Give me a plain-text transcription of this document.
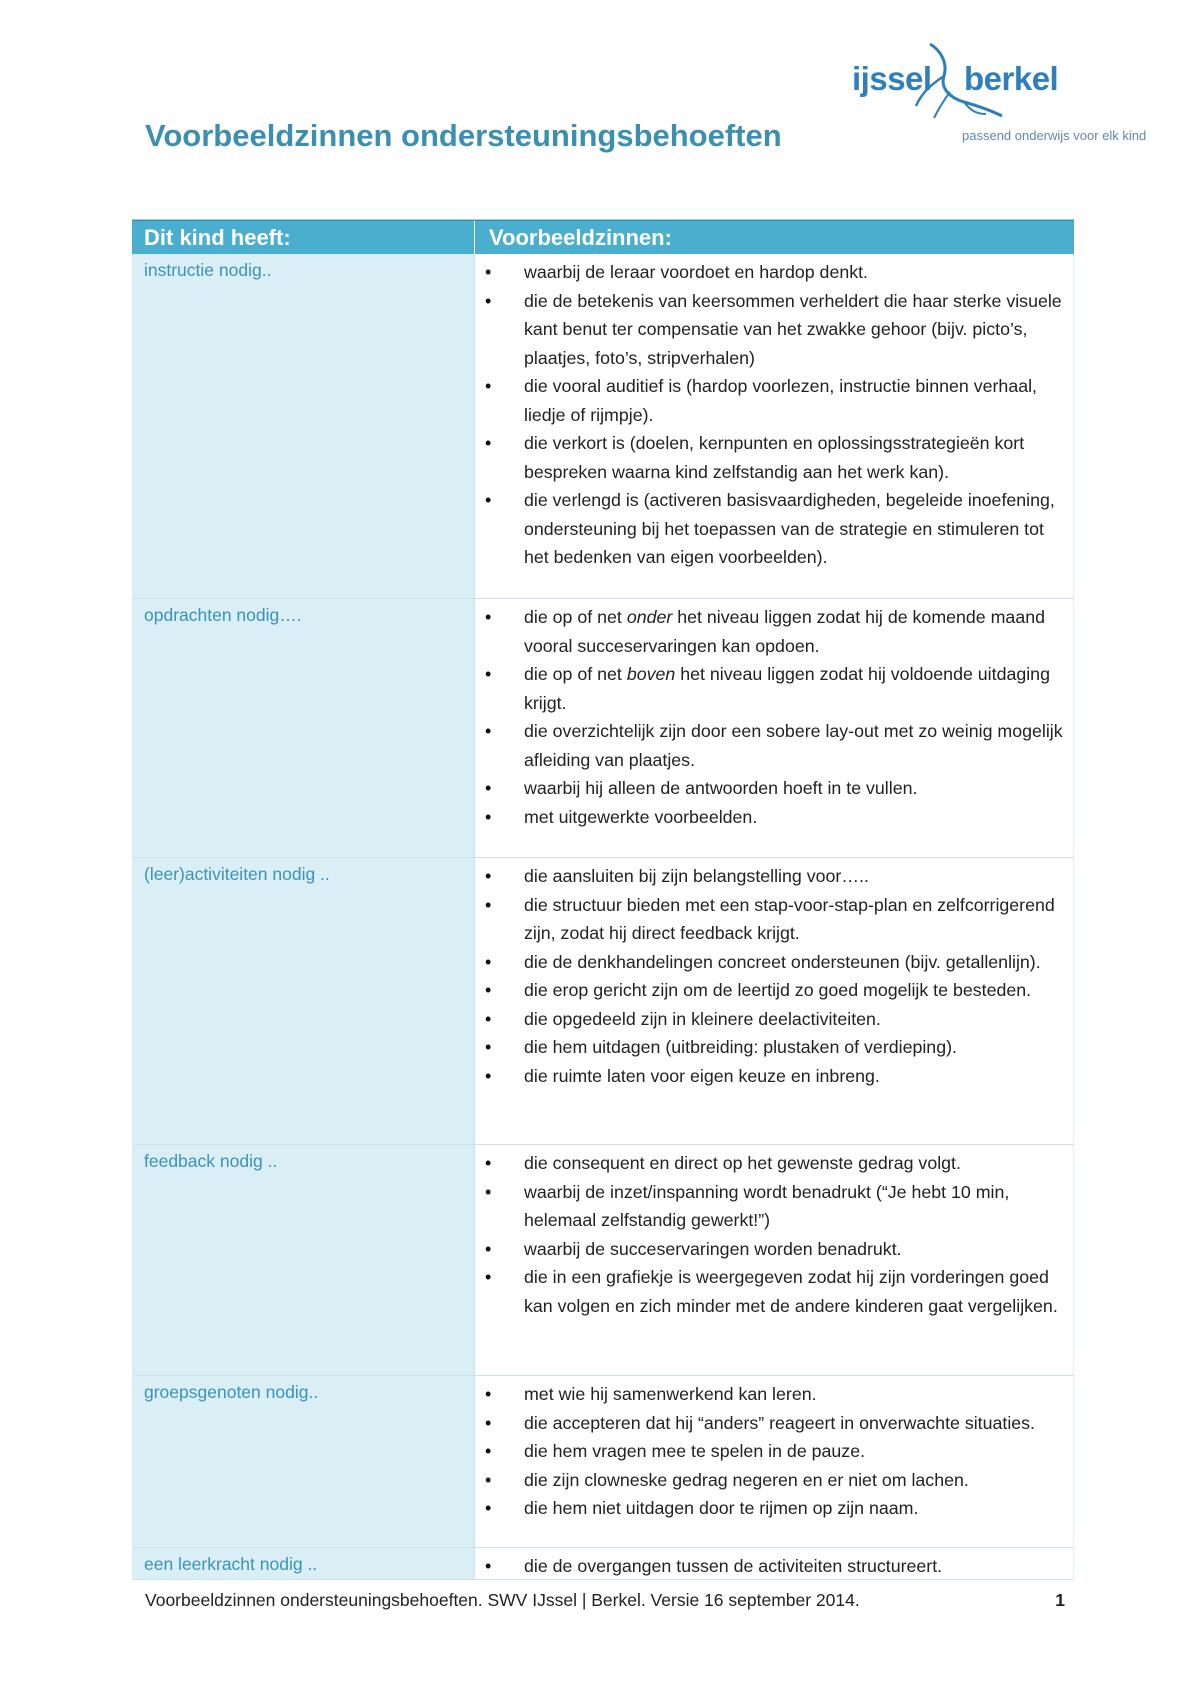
ijssel berkel
passend onderwijs voor elk kind
Voorbeeldzinnen ondersteuningsbehoeften
Dit kind heeft:	Voorbeeldzinnen:
instructie nodig..	• waarbij de leraar voordoet en hardop denkt.
• die de betekenis van keersommen verheldert die haar sterke visuele kant benut ter compensatie van het zwakke gehoor (bijv. picto’s, plaatjes, foto’s, stripverhalen)
• die vooral auditief is (hardop voorlezen, instructie binnen verhaal, liedje of rijmpje).
• die verkort is (doelen, kernpunten en oplossingsstrategieën kort bespreken waarna kind zelfstandig aan het werk kan).
• die verlengd is (activeren basisvaardigheden, begeleide inoefening, ondersteuning bij het toepassen van de strategie en stimuleren tot het bedenken van eigen voorbeelden).
opdrachten nodig….	• die op of net onder het niveau liggen zodat hij de komende maand vooral succeservaringen kan opdoen.
• die op of net boven het niveau liggen zodat hij voldoende uitdaging krijgt.
• die overzichtelijk zijn door een sobere lay-out met zo weinig mogelijk afleiding van plaatjes.
• waarbij hij alleen de antwoorden hoeft in te vullen.
• met uitgewerkte voorbeelden.
(leer)activiteiten nodig ..	• die aansluiten bij zijn belangstelling voor…..
• die structuur bieden met een stap-voor-stap-plan en zelfcorrigerend zijn, zodat hij direct feedback krijgt.
• die de denkhandelingen concreet ondersteunen (bijv. getallenlijn).
• die erop gericht zijn om de leertijd zo goed mogelijk te besteden.
• die opgedeeld zijn in kleinere deelactiviteiten.
• die hem uitdagen (uitbreiding: plustaken of verdieping).
• die ruimte laten voor eigen keuze en inbreng.
feedback nodig ..	• die consequent en direct op het gewenste gedrag volgt.
• waarbij de inzet/inspanning wordt benadrukt (“Je hebt 10 min, helemaal zelfstandig gewerkt!”)
• waarbij de succeservaringen worden benadrukt.
• die in een grafiekje is weergegeven zodat hij zijn vorderingen goed kan volgen en zich minder met de andere kinderen gaat vergelijken.
groepsgenoten nodig..	• met wie hij samenwerkend kan leren.
• die accepteren dat hij “anders” reageert in onverwachte situaties.
• die hem vragen mee te spelen in de pauze.
• die zijn clowneske gedrag negeren en er niet om lachen.
• die hem niet uitdagen door te rijmen op zijn naam.
een leerkracht nodig ..	• die de overgangen tussen de activiteiten structureert.
Voorbeeldzinnen ondersteuningsbehoeften. SWV IJssel | Berkel. Versie 16 september 2014.	1
